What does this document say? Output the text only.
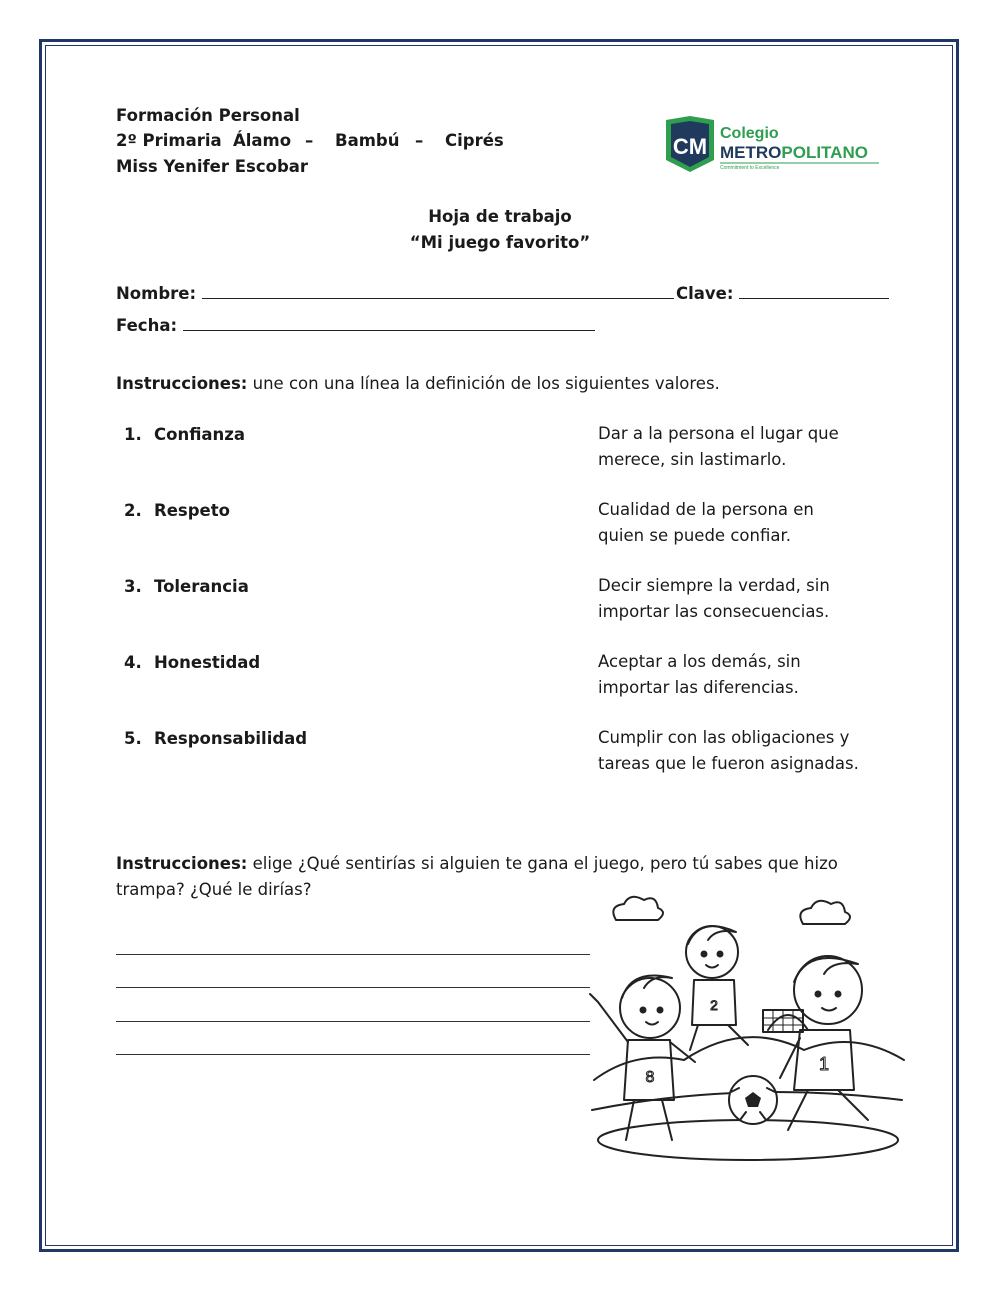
Formación Personal
2º Primaria Álamo – Bambú – Ciprés
Miss Yenifer Escobar
CM
Colegio
METROPOLITANO
Commitment to Excellence
Hoja de trabajo
“Mi juego favorito”
Nombre:	Clave:
Fecha:
Instrucciones: une con una línea la definición de los siguientes valores.
1. Confianza
2. Respeto
3. Tolerancia
4. Honestidad
5. Responsabilidad
Dar a la persona el lugar que
merece, sin lastimarlo.
Cualidad de la persona en
quien se puede confiar.
Decir siempre la verdad, sin
importar las consecuencias.
Aceptar a los demás, sin
importar las diferencias.
Cumplir con las obligaciones y
tareas que le fueron asignadas.
Instrucciones: elige ¿Qué sentirías si alguien te gana el juego, pero tú sabes que hizo
trampa? ¿Qué le dirías?
8
2
1
